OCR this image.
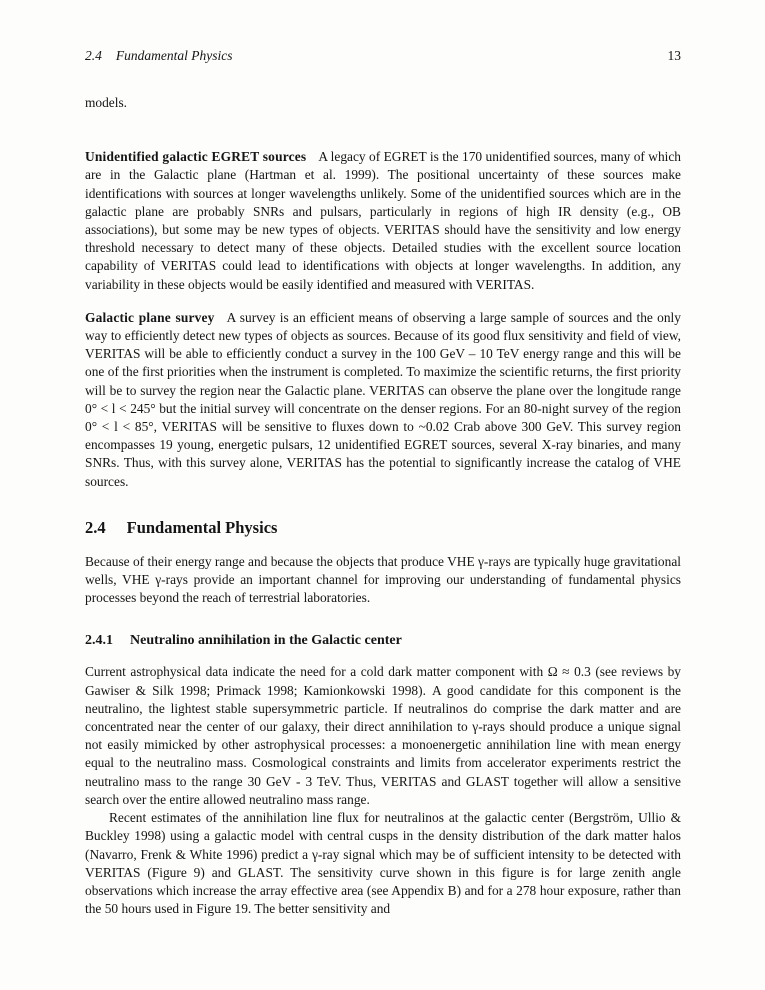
2.4 Fundamental Physics	13

models.

Unidentified galactic EGRET sources A legacy of EGRET is the 170 unidentified sources, many of which are in the Galactic plane (Hartman et al. 1999). The positional uncertainty of these sources make identifications with sources at longer wavelengths unlikely. Some of the unidentified sources which are in the galactic plane are probably SNRs and pulsars, particularly in regions of high IR density (e.g., OB associations), but some may be new types of objects. VERITAS should have the sensitivity and low energy threshold necessary to detect many of these objects. Detailed studies with the excellent source location capability of VERITAS could lead to identifications with objects at longer wavelengths. In addition, any variability in these objects would be easily identified and measured with VERITAS.

Galactic plane survey A survey is an efficient means of observing a large sample of sources and the only way to efficiently detect new types of objects as sources. Because of its good flux sensitivity and field of view, VERITAS will be able to efficiently conduct a survey in the 100 GeV – 10 TeV energy range and this will be one of the first priorities when the instrument is completed. To maximize the scientific returns, the first priority will be to survey the region near the Galactic plane. VERITAS can observe the plane over the longitude range 0° < l < 245° but the initial survey will concentrate on the denser regions. For an 80-night survey of the region 0° < l < 85°, VERITAS will be sensitive to fluxes down to ~0.02 Crab above 300 GeV. This survey region encompasses 19 young, energetic pulsars, 12 unidentified EGRET sources, several X-ray binaries, and many SNRs. Thus, with this survey alone, VERITAS has the potential to significantly increase the catalog of VHE sources.

2.4 Fundamental Physics

Because of their energy range and because the objects that produce VHE γ-rays are typically huge gravitational wells, VHE γ-rays provide an important channel for improving our understanding of fundamental physics processes beyond the reach of terrestrial laboratories.

2.4.1 Neutralino annihilation in the Galactic center

Current astrophysical data indicate the need for a cold dark matter component with Ω ≈ 0.3 (see reviews by Gawiser & Silk 1998; Primack 1998; Kamionkowski 1998). A good candidate for this component is the neutralino, the lightest stable supersymmetric particle. If neutralinos do comprise the dark matter and are concentrated near the center of our galaxy, their direct annihilation to γ-rays should produce a unique signal not easily mimicked by other astrophysical processes: a monoenergetic annihilation line with mean energy equal to the neutralino mass. Cosmological constraints and limits from accelerator experiments restrict the neutralino mass to the range 30 GeV - 3 TeV. Thus, VERITAS and GLAST together will allow a sensitive search over the entire allowed neutralino mass range.

Recent estimates of the annihilation line flux for neutralinos at the galactic center (Bergström, Ullio & Buckley 1998) using a galactic model with central cusps in the density distribution of the dark matter halos (Navarro, Frenk & White 1996) predict a γ-ray signal which may be of sufficient intensity to be detected with VERITAS (Figure 9) and GLAST. The sensitivity curve shown in this figure is for large zenith angle observations which increase the array effective area (see Appendix B) and for a 278 hour exposure, rather than the 50 hours used in Figure 19. The better sensitivity and
